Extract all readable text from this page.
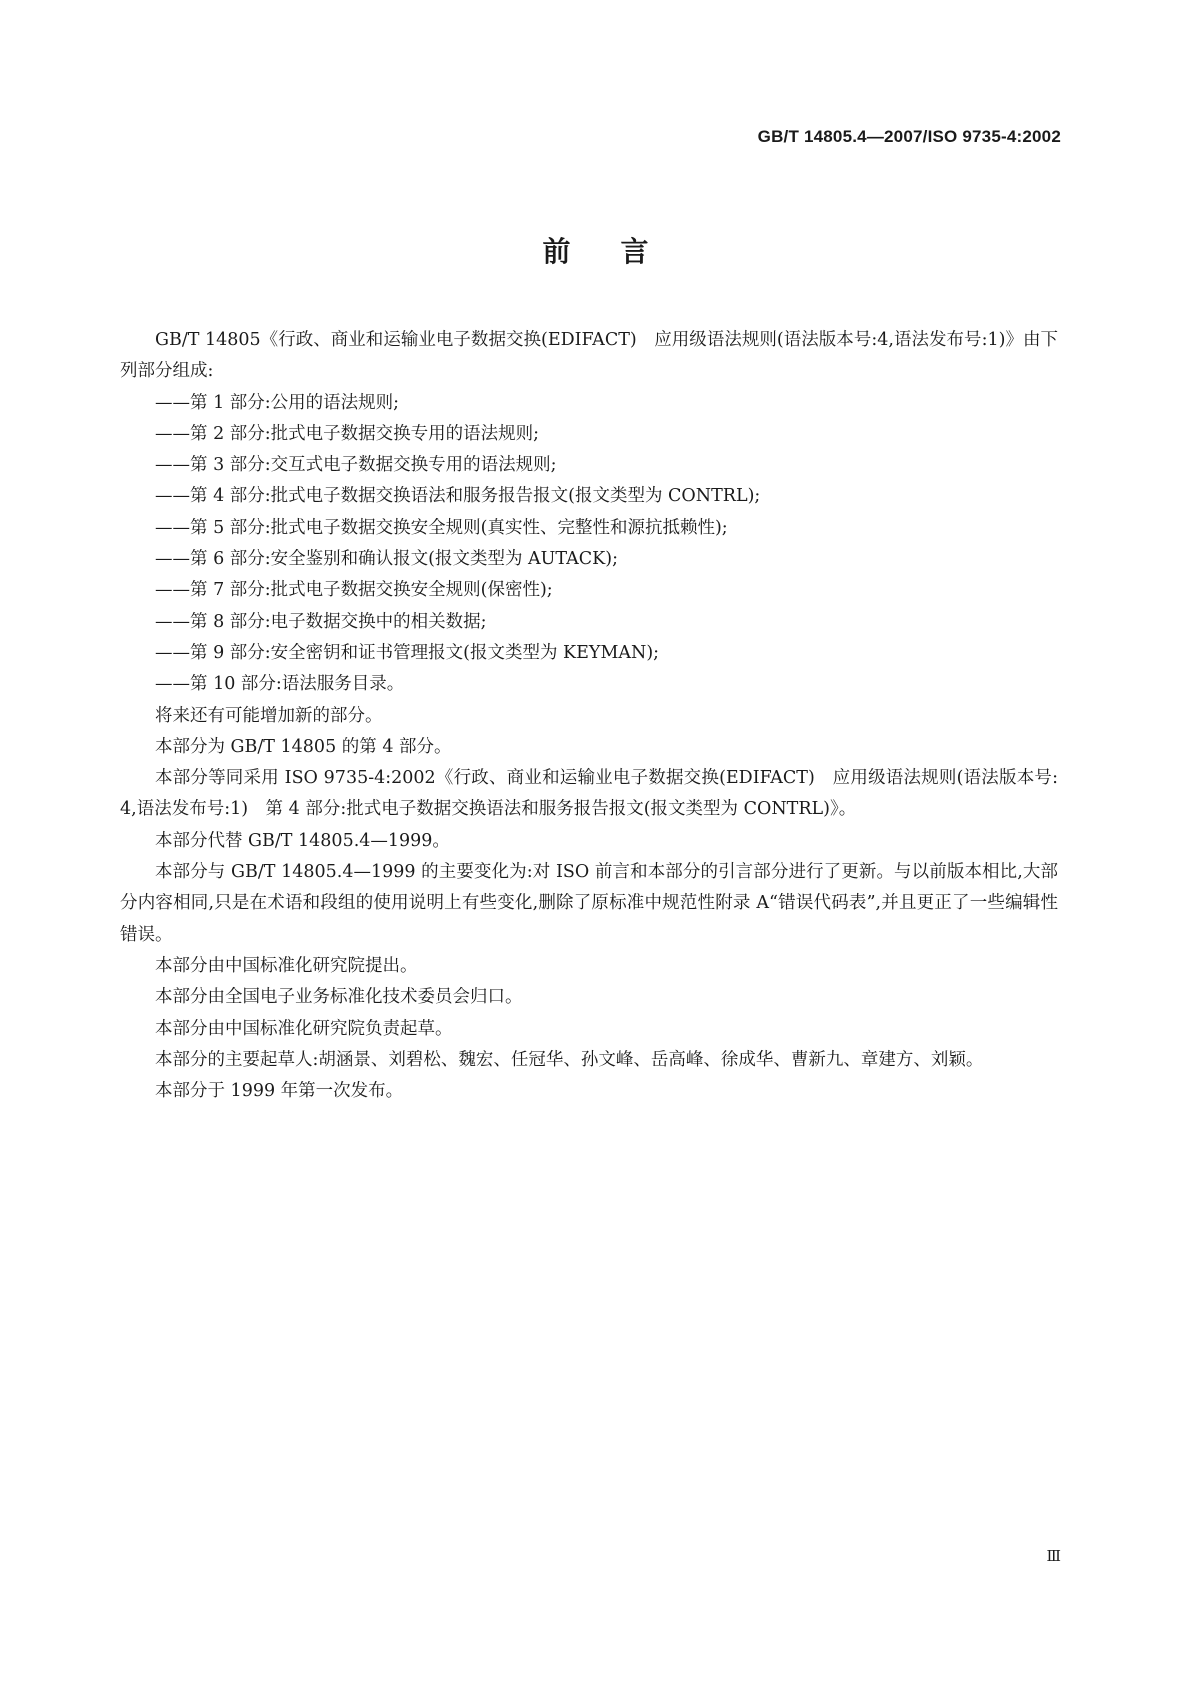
GB/T 14805.4—2007/ISO 9735-4:2002
前言

GB/T 14805《行政、商业和运输业电子数据交换(EDIFACT)　应用级语法规则(语法版本号:4,语法发布号:1)》由下列部分组成:

——第 1 部分:公用的语法规则;

——第 2 部分:批式电子数据交换专用的语法规则;

——第 3 部分:交互式电子数据交换专用的语法规则;

——第 4 部分:批式电子数据交换语法和服务报告报文(报文类型为 CONTRL);

——第 5 部分:批式电子数据交换安全规则(真实性、完整性和源抗抵赖性);

——第 6 部分:安全鉴别和确认报文(报文类型为 AUTACK);

——第 7 部分:批式电子数据交换安全规则(保密性);

——第 8 部分:电子数据交换中的相关数据;

——第 9 部分:安全密钥和证书管理报文(报文类型为 KEYMAN);

——第 10 部分:语法服务目录。

将来还有可能增加新的部分。

本部分为 GB/T 14805 的第 4 部分。

本部分等同采用 ISO 9735-4:2002《行政、商业和运输业电子数据交换(EDIFACT)　应用级语法规则(语法版本号:4,语法发布号:1)　第 4 部分:批式电子数据交换语法和服务报告报文(报文类型为 CONTRL)》。

本部分代替 GB/T 14805.4—1999。

本部分与 GB/T 14805.4—1999 的主要变化为:对 ISO 前言和本部分的引言部分进行了更新。与以前版本相比,大部分内容相同,只是在术语和段组的使用说明上有些变化,删除了原标准中规范性附录 A“错误代码表”,并且更正了一些编辑性错误。

本部分由中国标准化研究院提出。

本部分由全国电子业务标准化技术委员会归口。

本部分由中国标准化研究院负责起草。

本部分的主要起草人:胡涵景、刘碧松、魏宏、任冠华、孙文峰、岳高峰、徐成华、曹新九、章建方、刘颖。

本部分于 1999 年第一次发布。

Ⅲ
